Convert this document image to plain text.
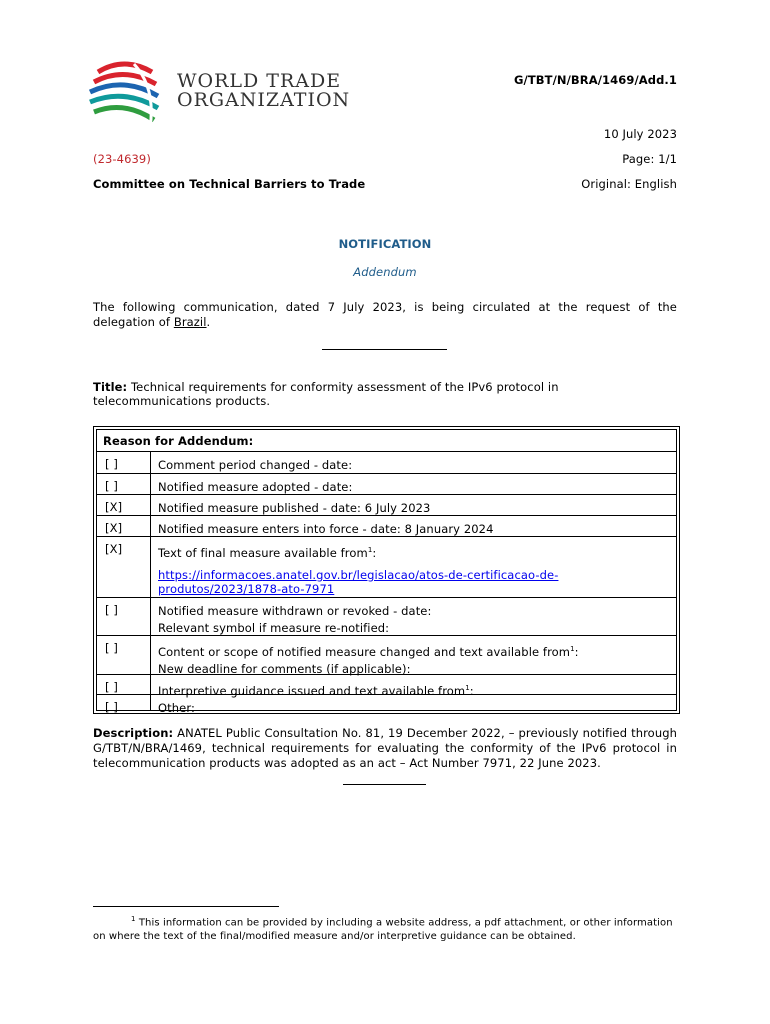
WORLD TRADE
ORGANIZATION
G/TBT/N/BRA/1469/Add.1
10 July 2023
(23-4639)	Page: 1/1
Committee on Technical Barriers to Trade	Original: English
NOTIFICATION
Addendum
The following communication, dated 7 July 2023, is being circulated at the request of the delegation of Brazil.
Title: Technical requirements for conformity assessment of the IPv6 protocol in telecommunications products.
Reason for Addendum:
[ ]	Comment period changed - date:
[ ]	Notified measure adopted - date:
[X]	Notified measure published - date: 6 July 2023
[X]	Notified measure enters into force - date: 8 January 2024
[X]	Text of final measure available from$^1$:
https://informacoes.anatel.gov.br/legislacao/atos-de-certificacao-de-
produtos/2023/1878-ato-7971
[ ]	Notified measure withdrawn or revoked - date:
Relevant symbol if measure re-notified:
[ ]	Content or scope of notified measure changed and text available from$^1$:
New deadline for comments (if applicable):
[ ]	Interpretive guidance issued and text available from$^1$:
[ ]	Other:
Description: ANATEL Public Consultation No. 81, 19 December 2022, – previously notified through G/TBT/N/BRA/1469, technical requirements for evaluating the conformity of the IPv6 protocol in telecommunication products was adopted as an act – Act Number 7971, 22 June 2023.
$^1$ This information can be provided by including a website address, a pdf attachment, or other information on where the text of the final/modified measure and/or interpretive guidance can be obtained.
